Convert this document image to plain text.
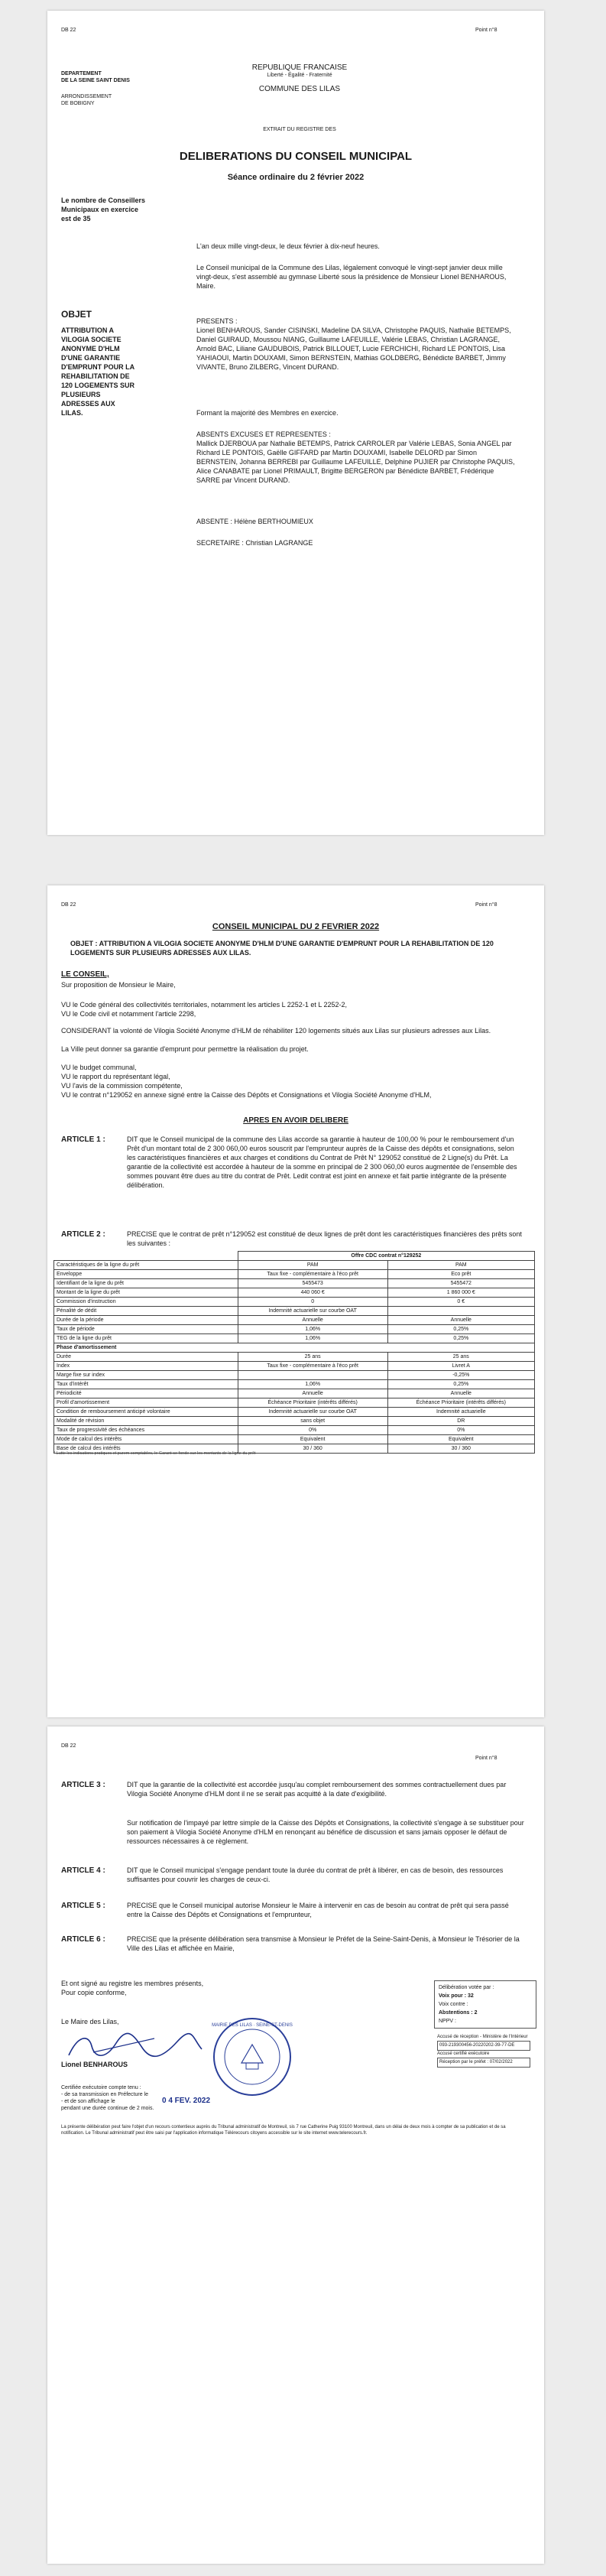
DB 22	Point n°8
DEPARTEMENT
DE LA SEINE SAINT DENIS
ARRONDISSEMENT
DE BOBIGNY
REPUBLIQUE FRANCAISE
Liberté - Égalité - Fraternité
COMMUNE DES LILAS
EXTRAIT DU REGISTRE DES
DELIBERATIONS DU CONSEIL MUNICIPAL
Séance ordinaire du 2 février 2022
Le nombre de Conseillers
Municipaux en exercice
est de 35
L'an deux mille vingt-deux, le deux février à dix-neuf heures.
Le Conseil municipal de la Commune des Lilas, légalement convoqué le vingt-sept janvier deux mille vingt-deux, s'est assemblé au gymnase Liberté sous la présidence de Monsieur Lionel BENHAROUS, Maire.
OBJET
ATTRIBUTION A VILOGIA SOCIETE ANONYME D'HLM D'UNE GARANTIE D'EMPRUNT POUR LA REHABILITATION DE 120 LOGEMENTS SUR PLUSIEURS ADRESSES AUX LILAS.
PRESENTS :
Lionel BENHAROUS, Sander CISINSKI, Madeline DA SILVA, Christophe PAQUIS, Nathalie BETEMPS, Daniel GUIRAUD, Moussou NIANG, Guillaume LAFEUILLE, Valérie LEBAS, Christian LAGRANGE, Arnold BAC, Liliane GAUDUBOIS, Patrick BILLOUET, Lucie FERCHICHI, Richard LE PONTOIS, Lisa YAHIAOUI, Martin DOUXAMI, Simon BERNSTEIN, Mathias GOLDBERG, Bénédicte BARBET, Jimmy VIVANTE, Bruno ZILBERG, Vincent DURAND.
Formant la majorité des Membres en exercice.
ABSENTS EXCUSES ET REPRESENTES :
Mallick DJERBOUA par Nathalie BETEMPS, Patrick CARROLER par Valérie LEBAS, Sonia ANGEL par Richard LE PONTOIS, Gaëlle GIFFARD par Martin DOUXAMI, Isabelle DELORD par Simon BERNSTEIN, Johanna BERREBI par Guillaume LAFEUILLE, Delphine PUJIER par Christophe PAQUIS, Alice CANABATE par Lionel PRIMAULT, Brigitte BERGERON par Bénédicte BARBET, Frédérique SARRE par Vincent DURAND.
ABSENTE : Hélène BERTHOUMIEUX
SECRETAIRE : Christian LAGRANGE
DB 22	Point n°8
CONSEIL MUNICIPAL DU 2 FEVRIER 2022
OBJET : ATTRIBUTION A VILOGIA SOCIETE ANONYME D'HLM D'UNE GARANTIE D'EMPRUNT POUR LA REHABILITATION DE 120 LOGEMENTS SUR PLUSIEURS ADRESSES AUX LILAS.
LE CONSEIL,
Sur proposition de Monsieur le Maire,
VU le Code général des collectivités territoriales, notamment les articles L 2252-1 et L 2252-2,
VU le Code civil et notamment l'article 2298,
CONSIDERANT la volonté de Vilogia Société Anonyme d'HLM de réhabiliter 120 logements situés aux Lilas sur plusieurs adresses aux Lilas.
La Ville peut donner sa garantie d'emprunt pour permettre la réalisation du projet.
VU le budget communal,
VU le rapport du représentant légal,
VU l'avis de la commission compétente,
VU le contrat n°129052 en annexe signé entre la Caisse des Dépôts et Consignations et Vilogia Société Anonyme d'HLM,
APRES EN AVOIR DELIBERE
ARTICLE 1 :	DIT que le Conseil municipal de la commune des Lilas accorde sa garantie à hauteur de 100,00 % pour le remboursement d'un Prêt d'un montant total de 2 300 060,00 euros souscrit par l'emprunteur auprès de la Caisse des dépôts et consignations, selon les caractéristiques financières et aux charges et conditions du Contrat de Prêt N° 129052 constitué de 2 Ligne(s) du Prêt. La garantie de la collectivité est accordée à hauteur de la somme en principal de 2 300 060,00 euros augmentée de l'ensemble des sommes pouvant être dues au titre du contrat de Prêt. Ledit contrat est joint en annexe et fait partie intégrante de la présente délibération.
ARTICLE 2 :	PRECISE que le contrat de prêt n°129052 est constitué de deux lignes de prêt dont les caractéristiques financières des prêts sont les suivantes :
	Offre CDC contrat n°129252	
Caractéristiques de la ligne du prêt	PAM	PAM
Enveloppe	Taux fixe - complémentaire à l'éco prêt	Eco prêt
Identifiant de la ligne du prêt	5455473	5455472
Montant de la ligne du prêt	440 060 €	1 860 000 €
Commission d'instruction	0	0 €
Pénalité de dédit	Indemnité actuarielle sur courbe OAT	
Durée de la période	Annuelle	Annuelle
Taux de période	1,06%	0,25%
TEG de la ligne du prêt	1,06%	0,25%
Phase d'amortissement		
Durée	25 ans	25 ans
Index	Taux fixe - complémentaire à l'éco prêt	Livret A
Marge fixe sur index		-0,25%
Taux d'intérêt	1,06%	0,25%
Périodicité	Annuelle	Annuelle
Profil d'amortissement	Échéance Prioritaire (intérêts différés)	Échéance Prioritaire (intérêts différés)
Condition de remboursement anticipé volontaire	Indemnité actuarielle sur courbe OAT	Indemnité actuarielle
Modalité de révision	sans objet	DR
Taux de progressivité des échéances	0%	0%
Mode de calcul des intérêts	Equivalent	Equivalent
Base de calcul des intérêts	30 / 360	30 / 360
* Lutte les indications pratiques et purem comptables, le Garant se fonde sur les montants de la ligne du prêt
DB 22
Point n°8
ARTICLE 3 :	DIT que la garantie de la collectivité est accordée jusqu'au complet remboursement des sommes contractuellement dues par Vilogia Société Anonyme d'HLM dont il ne se serait pas acquitté à la date d'exigibilité.
Sur notification de l'impayé par lettre simple de la Caisse des Dépôts et Consignations, la collectivité s'engage à se substituer pour son paiement à Vilogia Société Anonyme d'HLM en renonçant au bénéfice de discussion et sans jamais opposer le défaut de ressources nécessaires à ce règlement.
ARTICLE 4 :	DIT que le Conseil municipal s'engage pendant toute la durée du contrat de prêt à libérer, en cas de besoin, des ressources suffisantes pour couvrir les charges de ceux-ci.
ARTICLE 5 :	PRECISE que le Conseil municipal autorise Monsieur le Maire à intervenir en cas de besoin au contrat de prêt qui sera passé entre la Caisse des Dépôts et Consignations et l'emprunteur,
ARTICLE 6 :	PRECISE que la présente délibération sera transmise à Monsieur le Préfet de la Seine-Saint-Denis, à Monsieur le Trésorier de la Ville des Lilas et affichée en Mairie,
Et ont signé au registre les membres présents,
Pour copie conforme,
Délibération votée par :
Voix pour : 32
Voix contre :
Abstentions : 2
NPPV :
Accusé de réception - Ministère de l'Intérieur
093-219300456-20220202-39-77-DE
Accusé certifié exécutoire
Réception par le préfet : 07/02/2022
Le Maire des Lilas,
Lionel BENHAROUS
MAIRIE DES LILAS · SEINE-ST-DENIS
Certifiée exécutoire compte tenu :
- de sa transmission en Préfecture le
- et de son affichage le
pendant une durée continue de 2 mois.
0 4 FEV. 2022
La présente délibération peut faire l'objet d'un recours contentieux auprès du Tribunal administratif de Montreuil, sis 7 rue Catherine Puig 93100 Montreuil, dans un délai de deux mois à compter de sa publication et de sa notification. Le Tribunal administratif peut être saisi par l'application informatique Télérecours citoyens accessible sur le site internet www.telerecours.fr.
